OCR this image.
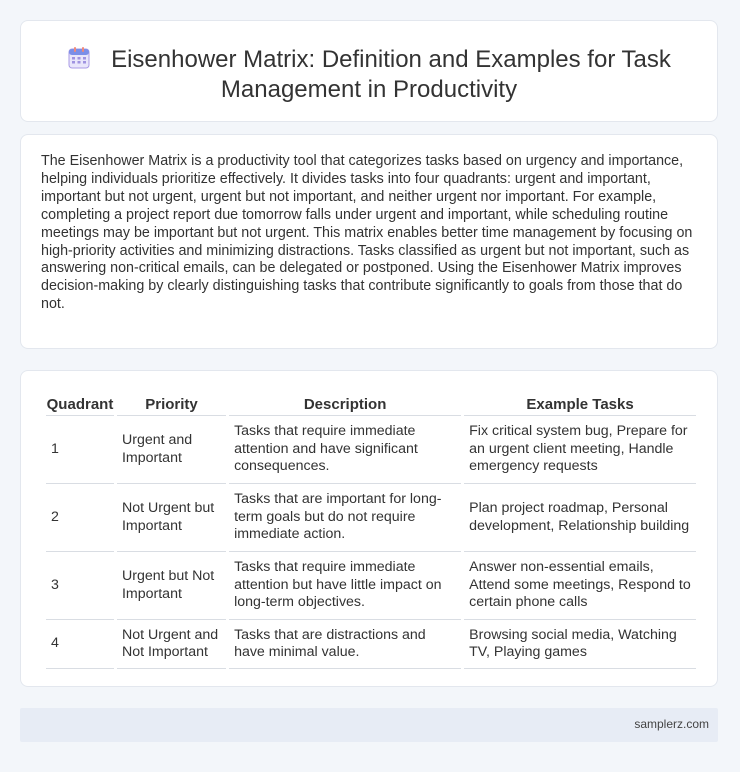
Eisenhower Matrix: Definition and Examples for Task Management in Productivity

The Eisenhower Matrix is a productivity tool that categorizes tasks based on urgency and importance, helping individuals prioritize effectively. It divides tasks into four quadrants: urgent and important, important but not urgent, urgent but not important, and neither urgent nor important. For example, completing a project report due tomorrow falls under urgent and important, while scheduling routine meetings may be important but not urgent. This matrix enables better time management by focusing on high-priority activities and minimizing distractions. Tasks classified as urgent but not important, such as answering non-critical emails, can be delegated or postponed. Using the Eisenhower Matrix improves decision-making by clearly distinguishing tasks that contribute significantly to goals from those that do not.

Quadrant	Priority	Description	Example Tasks
1	Urgent and Important	Tasks that require immediate attention and have significant consequences.	Fix critical system bug, Prepare for an urgent client meeting, Handle emergency requests
2	Not Urgent but Important	Tasks that are important for long-term goals but do not require immediate action.	Plan project roadmap, Personal development, Relationship building
3	Urgent but Not Important	Tasks that require immediate attention but have little impact on long-term objectives.	Answer non-essential emails, Attend some meetings, Respond to certain phone calls
4	Not Urgent and Not Important	Tasks that are distractions and have minimal value.	Browsing social media, Watching TV, Playing games
samplerz.com
